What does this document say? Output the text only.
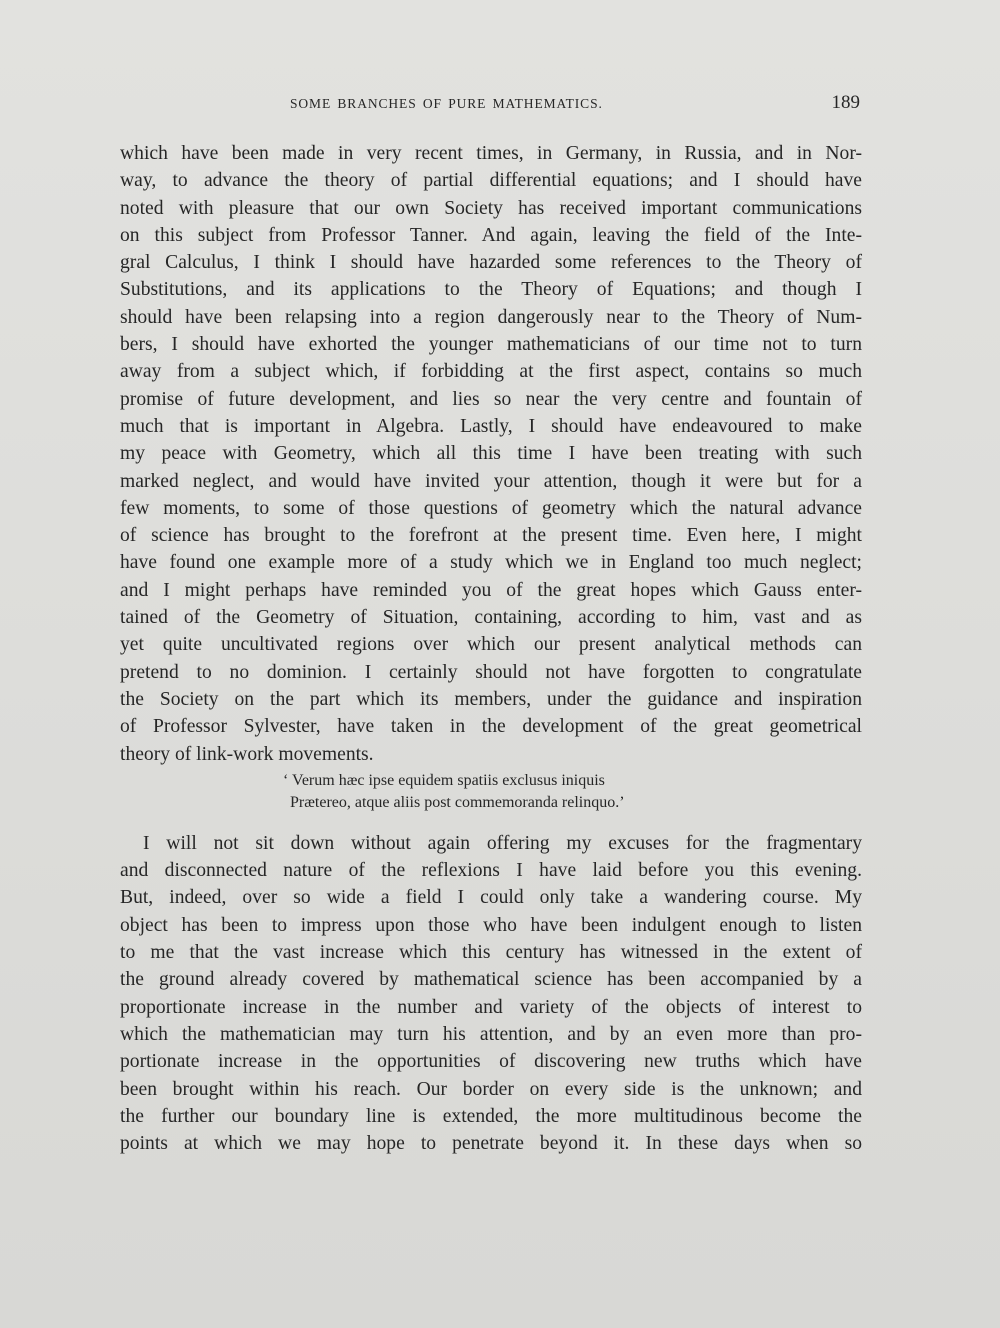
SOME BRANCHES OF PURE MATHEMATICS.	189
which have been made in very recent times, in Germany, in Russia, and in Nor-
way, to advance the theory of partial differential equations; and I should have
noted with pleasure that our own Society has received important communications
on this subject from Professor Tanner. And again, leaving the field of the Inte-
gral Calculus, I think I should have hazarded some references to the Theory of
Substitutions, and its applications to the Theory of Equations; and though I
should have been relapsing into a region dangerously near to the Theory of Num-
bers, I should have exhorted the younger mathematicians of our time not to turn
away from a subject which, if forbidding at the first aspect, contains so much
promise of future development, and lies so near the very centre and fountain of
much that is important in Algebra. Lastly, I should have endeavoured to make
my peace with Geometry, which all this time I have been treating with such
marked neglect, and would have invited your attention, though it were but for a
few moments, to some of those questions of geometry which the natural advance
of science has brought to the forefront at the present time. Even here, I might
have found one example more of a study which we in England too much neglect;
and I might perhaps have reminded you of the great hopes which Gauss enter-
tained of the Geometry of Situation, containing, according to him, vast and as
yet quite uncultivated regions over which our present analytical methods can
pretend to no dominion. I certainly should not have forgotten to congratulate
the Society on the part which its members, under the guidance and inspiration
of Professor Sylvester, have taken in the development of the great geometrical
theory of link-work movements.
‘ Verum hæc ipse equidem spatiis exclusus iniquis
Prætereo, atque aliis post commemoranda relinquo.’
I will not sit down without again offering my excuses for the fragmentary
and disconnected nature of the reflexions I have laid before you this evening.
But, indeed, over so wide a field I could only take a wandering course. My
object has been to impress upon those who have been indulgent enough to listen
to me that the vast increase which this century has witnessed in the extent of
the ground already covered by mathematical science has been accompanied by a
proportionate increase in the number and variety of the objects of interest to
which the mathematician may turn his attention, and by an even more than pro-
portionate increase in the opportunities of discovering new truths which have
been brought within his reach. Our border on every side is the unknown; and
the further our boundary line is extended, the more multitudinous become the
points at which we may hope to penetrate beyond it. In these days when so
